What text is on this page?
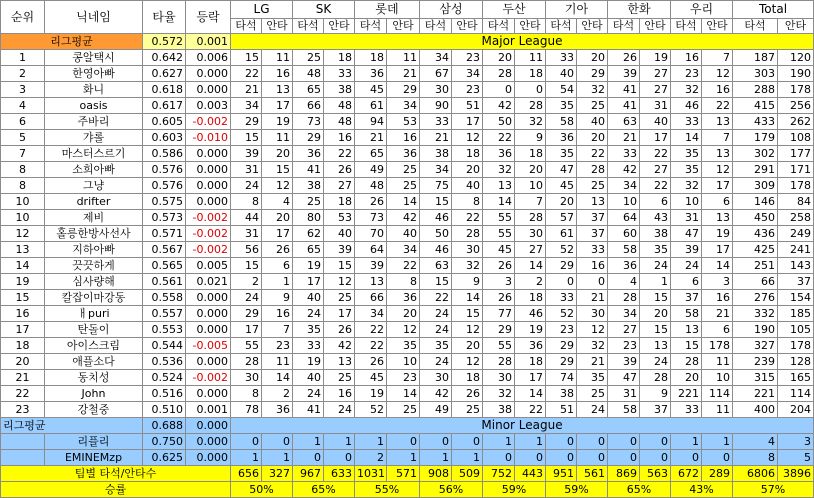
순위	닉네임	타율	등락	LG		SK		롯데		삼성		두산		기아		한화		우리		Total	
				타석	안타	타석	안타	타석	안타	타석	안타	타석	안타	타석	안타	타석	안타	타석	안타	타석	안타
리그평균		0.572	0.001	Major League																	
1	콩알택시	0.642	0.006	15	11	25	18	18	11	34	23	20	11	33	20	26	19	16	7	187	120
2	한영아빠	0.627	0.000	22	16	48	33	36	21	67	34	28	18	40	29	39	27	23	12	303	190
3	화니	0.618	0.000	21	13	65	38	45	29	30	23	0	0	54	32	41	27	32	16	288	178
4	oasis	0.617	0.003	34	17	66	48	61	34	90	51	42	28	35	25	41	31	46	22	415	256
6	주바리	0.605	-0.002	29	19	73	48	94	53	33	17	50	32	58	40	63	40	33	13	433	262
5	갸롤	0.603	-0.010	15	11	29	16	21	16	21	12	22	9	36	20	21	17	14	7	179	108
7	마스터스르기	0.586	0.000	39	20	36	22	65	36	38	18	36	18	35	22	33	22	35	13	302	177
8	소희아빠	0.576	0.000	31	15	41	26	49	25	34	20	32	20	47	28	42	27	35	12	291	171
8	그냥	0.576	0.000	24	12	38	27	48	25	75	40	13	10	45	25	34	22	32	17	309	178
10	drifter	0.575	0.000	8	4	25	18	26	14	15	8	14	7	20	13	10	6	10	6	146	84
10	제비	0.573	-0.002	44	20	80	53	73	42	46	22	55	28	57	37	64	43	31	13	450	258
12	홀릉한방사선사	0.571	-0.002	31	17	62	40	70	40	50	28	55	30	61	37	60	38	47	19	436	249
13	지하아빠	0.567	-0.002	56	26	65	39	64	34	46	30	45	27	52	33	58	35	39	17	425	241
14	끗끗하게	0.565	0.005	15	6	19	15	39	22	63	32	26	14	29	16	36	24	24	14	251	143
19	심사량해	0.561	0.021	2	1	17	12	13	8	15	9	3	2	0	0	4	1	6	3	66	37
15	칼잡이마강동	0.558	0.000	24	9	40	25	66	36	22	14	26	18	33	21	28	15	37	16	276	154
16	ㅐpuri	0.557	0.000	29	16	24	17	34	20	24	15	77	46	52	30	34	20	58	21	332	185
17	탄돌이	0.553	0.000	17	7	35	26	22	12	24	12	29	19	23	12	27	15	13	6	190	105
18	아이스크림	0.544	-0.005	55	23	33	42	22	35	35	20	55	36	29	32	23	13	15	178	327	178
20	애플소다	0.536	0.000	28	11	19	13	26	10	24	12	28	18	29	21	39	24	28	11	239	128
21	동치성	0.524	-0.002	30	14	40	25	45	23	30	18	30	17	74	35	47	28	20	10	315	165
22	John	0.516	0.000	8	2	24	16	19	14	42	26	32	14	38	25	31	9	221	114	221	114
23	강철중	0.510	0.001	78	36	41	24	52	25	49	25	38	22	51	24	58	37	33	11	400	204
리그평균		0.688	0.000	Minor League																	
	리플리	0.750	0.000	0	0	1	1	1	0	0	0	1	1	0	0	0	0	1	1	4	3
	EMINEMzp	0.625	0.000	1	1	0	0	2	1	1	1	0	0	0	0	0	0	0	0	8	5
팀별 타석/안타수				656	327	967	633	1031	571	908	509	752	443	951	561	869	563	672	289	6806	3896
승률				50%		65%		55%		56%		59%		59%		65%		43%		57%	
